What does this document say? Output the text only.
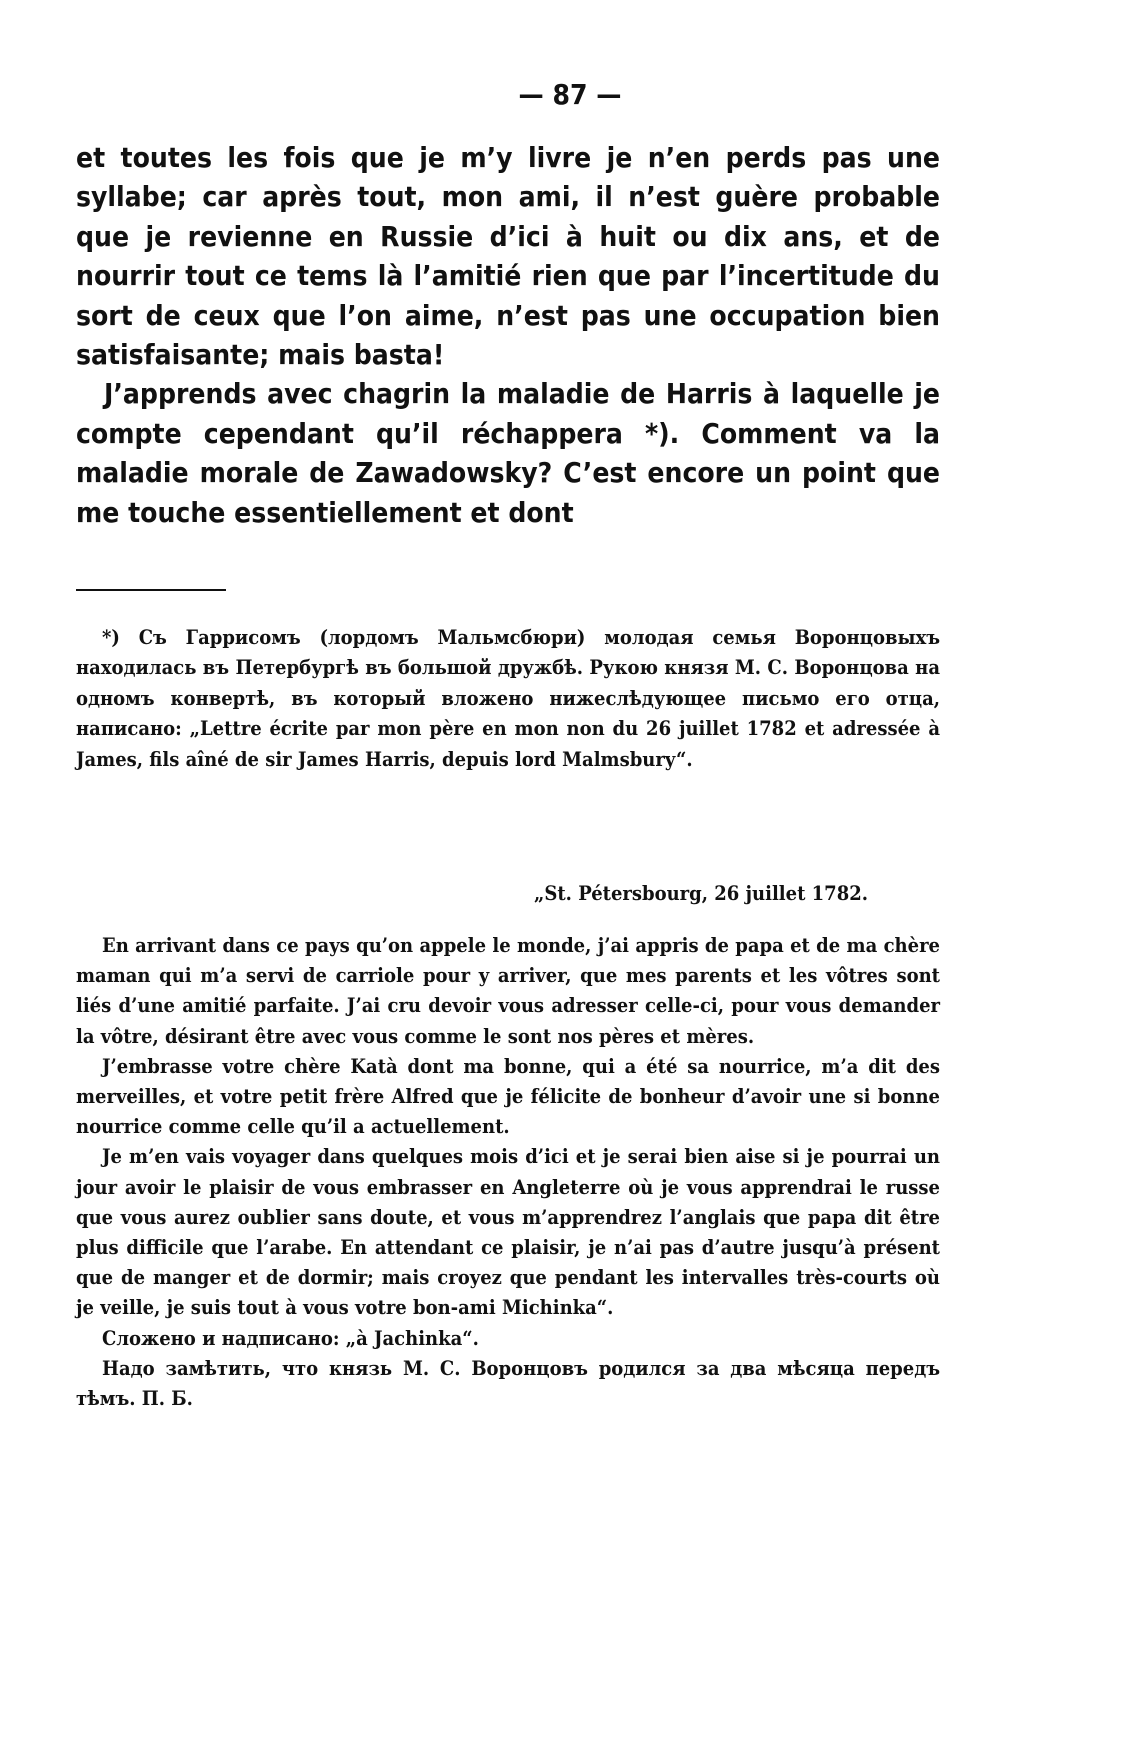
— 87 —

et toutes les fois que je m’y livre je n’en perds pas une syllabe; car après tout, mon ami, il n’est guère probable que je revienne en Russie d’ici à huit ou dix ans, et de nourrir tout ce tems là l’amitié rien que par l’incertitude du sort de ceux que l’on aime, n’est pas une occupation bien satisfaisante; mais basta!

J’apprends avec chagrin la maladie de Harris à laquelle je compte cependant qu’il réchappera *). Comment va la maladie morale de Zawadowsky? C’est encore un point que me touche essentiellement et dont

*) Съ Гаррисомъ (лордомъ Мальмсбюри) молодая семья Воронцовыхъ находилась въ Петербургѣ въ большой дружбѣ. Рукою князя М. С. Воронцова на одномъ конвертѣ, въ который вложено нижеслѣдующее письмо его отца, написано: „Lettre écrite par mon père en mon non du 26 juillet 1782 et adressée à James, fils aîné de sir James Harris, depuis lord Malmsbury“.

„St. Pétersbourg, 26 juillet 1782.

En arrivant dans ce pays qu’on appele le monde, j’ai appris de papa et de ma chère maman qui m’a servi de carriole pour y arriver, que mes parents et les vôtres sont liés d’une amitié parfaite. J’ai cru devoir vous adresser celle-ci, pour vous demander la vôtre, désirant être avec vous comme le sont nos pères et mères.

J’embrasse votre chère Katà dont ma bonne, qui a été sa nourrice, m’a dit des merveilles, et votre petit frère Alfred que je félicite de bonheur d’avoir une si bonne nourrice comme celle qu’il a actuellement.

Je m’en vais voyager dans quelques mois d’ici et je serai bien aise si je pourrai un jour avoir le plaisir de vous embrasser en Angleterre où je vous apprendrai le russe que vous aurez oublier sans doute, et vous m’apprendrez l’anglais que papa dit être plus difficile que l’arabe. En attendant ce plaisir, je n’ai pas d’autre jusqu’à présent que de manger et de dormir; mais croyez que pendant les intervalles très-courts où je veille, je suis tout à vous votre bon-ami Michinka“.

Сложено и надписано: „à Jachinka“.

Надо замѣтить, что князь М. С. Воронцовъ родился за два мѣсяца передъ тѣмъ. П. Б.
